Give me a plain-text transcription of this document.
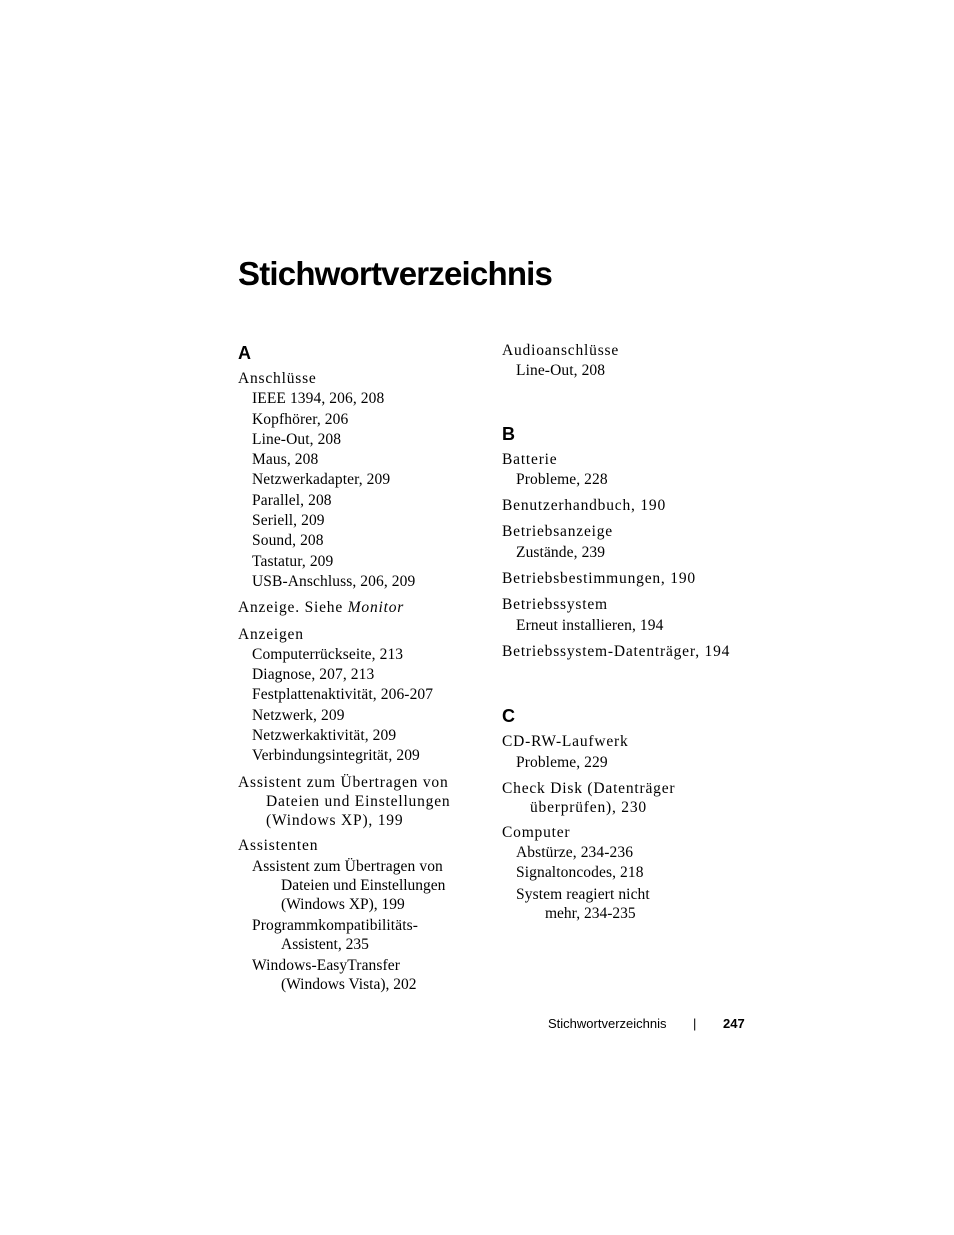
Stichwortverzeichnis
A
Anschlüsse
IEEE 1394, 206, 208
Kopfhörer, 206
Line-Out, 208
Maus, 208
Netzwerkadapter, 209
Parallel, 208
Seriell, 209
Sound, 208
Tastatur, 209
USB-Anschluss, 206, 209
Anzeige. Siehe Monitor
Anzeigen
Computerrückseite, 213
Diagnose, 207, 213
Festplattenaktivität, 206-207
Netzwerk, 209
Netzwerkaktivität, 209
Verbindungsintegrität, 209
Assistent zum Übertragen von
Dateien und Einstellungen
(Windows XP), 199
Assistenten
Assistent zum Übertragen von
Dateien und Einstellungen
(Windows XP), 199
Programmkompatibilitäts-
Assistent, 235
Windows-EasyTransfer
(Windows Vista), 202
Audioanschlüsse
Line-Out, 208
B
Batterie
Probleme, 228
Benutzerhandbuch, 190
Betriebsanzeige
Zustände, 239
Betriebsbestimmungen, 190
Betriebssystem
Erneut installieren, 194
Betriebssystem-Datenträger, 194
C
CD-RW-Laufwerk
Probleme, 229
Check Disk (Datenträger
überprüfen), 230
Computer
Abstürze, 234-236
Signaltoncodes, 218
System reagiert nicht
mehr, 234-235
Stichwortverzeichnis | 247
